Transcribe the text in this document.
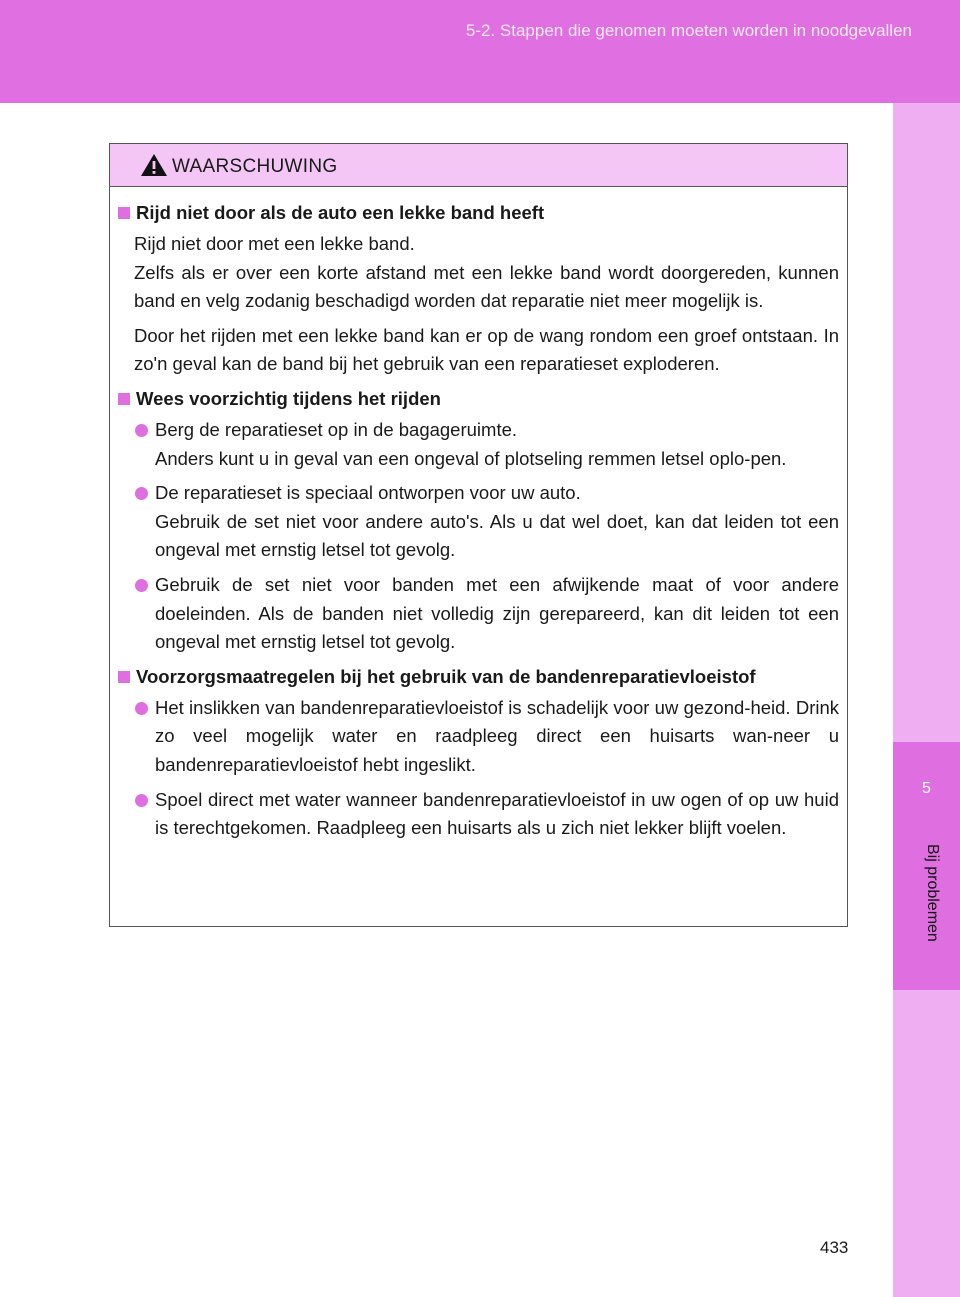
5-2. Stappen die genomen moeten worden in noodgevallen
5
Bij problemen
WAARSCHUWING
Rijd niet door als de auto een lekke band heeft

Rijd niet door met een lekke band.
Zelfs als er over een korte afstand met een lekke band wordt doorgereden, kunnen band en velg zodanig beschadigd worden dat reparatie niet meer mogelijk is.

Door het rijden met een lekke band kan er op de wang rondom een groef ontstaan. In zo'n geval kan de band bij het gebruik van een reparatieset exploderen.

Wees voorzichtig tijdens het rijden

Berg de reparatieset op in de bagageruimte.

Anders kunt u in geval van een ongeval of plotseling remmen letsel oplo-pen.

De reparatieset is speciaal ontworpen voor uw auto.

Gebruik de set niet voor andere auto's. Als u dat wel doet, kan dat leiden tot een ongeval met ernstig letsel tot gevolg.

Gebruik de set niet voor banden met een afwijkende maat of voor andere doeleinden. Als de banden niet volledig zijn gerepareerd, kan dit leiden tot een ongeval met ernstig letsel tot gevolg.

Voorzorgsmaatregelen bij het gebruik van de bandenreparatievloeistof

Het inslikken van bandenreparatievloeistof is schadelijk voor uw gezond-heid. Drink zo veel mogelijk water en raadpleeg direct een huisarts wan-neer u bandenreparatievloeistof hebt ingeslikt.

Spoel direct met water wanneer bandenreparatievloeistof in uw ogen of op uw huid is terechtgekomen. Raadpleeg een huisarts als u zich niet lekker blijft voelen.

433
